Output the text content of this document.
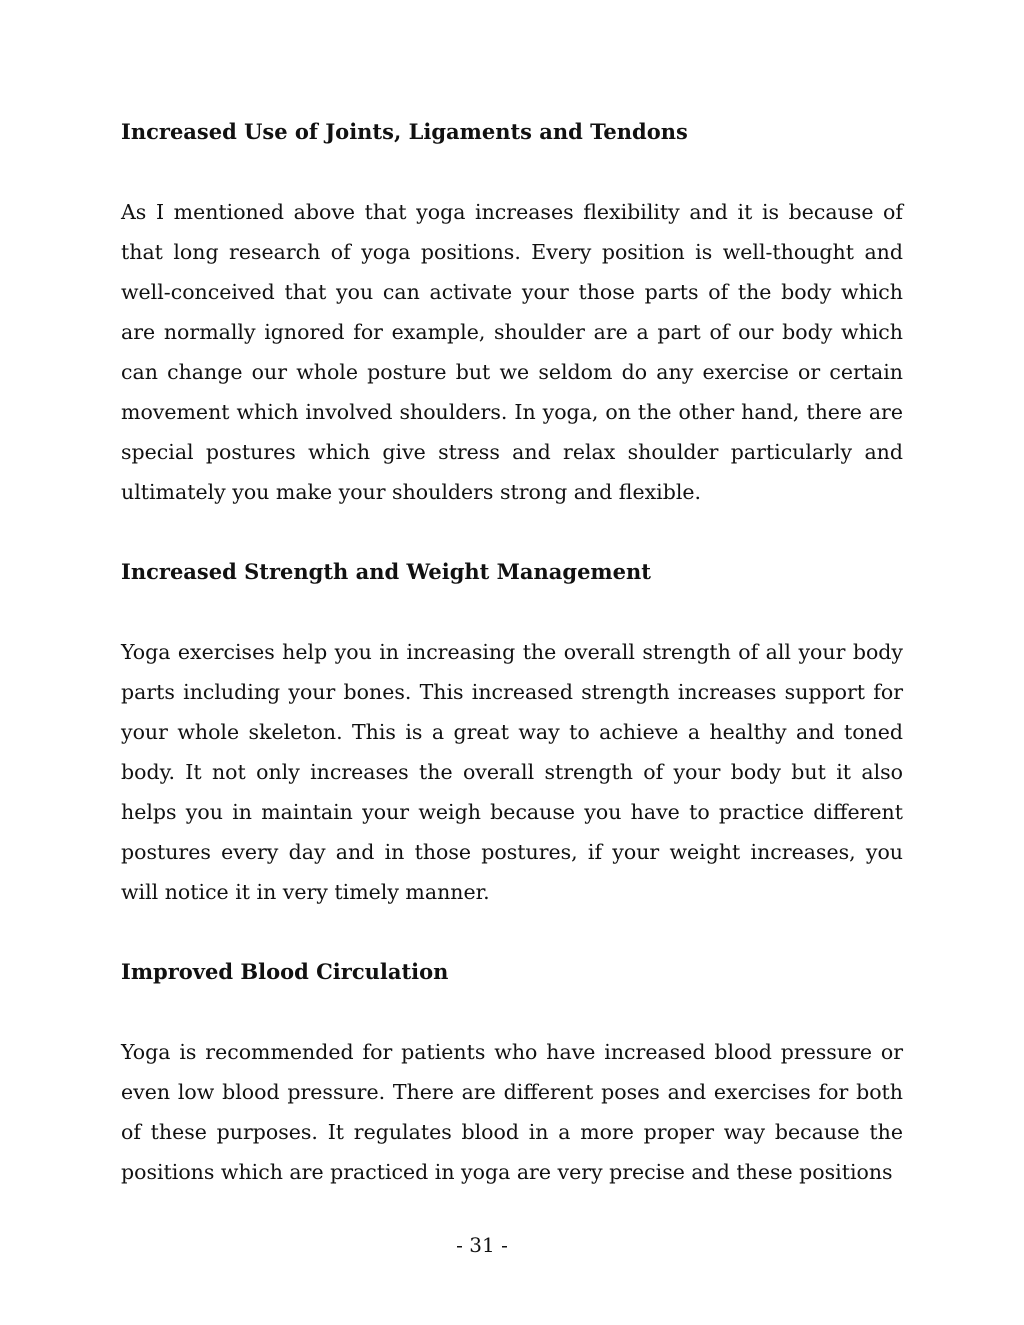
Increased Use of Joints, Ligaments and Tendons

As I mentioned above that yoga increases flexibility and it is because of that long research of yoga positions. Every position is well-thought and well-conceived that you can activate your those parts of the body which are normally ignored for example, shoulder are a part of our body which can change our whole posture but we seldom do any exercise or certain movement which involved shoulders. In yoga, on the other hand, there are special postures which give stress and relax shoulder particularly and ultimately you make your shoulders strong and flexible.

Increased Strength and Weight Management

Yoga exercises help you in increasing the overall strength of all your body parts including your bones. This increased strength increases support for your whole skeleton. This is a great way to achieve a healthy and toned body. It not only increases the overall strength of your body but it also helps you in maintain your weigh because you have to practice different postures every day and in those postures, if your weight increases, you will notice it in very timely manner.

Improved Blood Circulation

Yoga is recommended for patients who have increased blood pressure or even low blood pressure. There are different poses and exercises for both of these purposes. It regulates blood in a more proper way because the positions which are practiced in yoga are very precise and these positions

- 31 -
